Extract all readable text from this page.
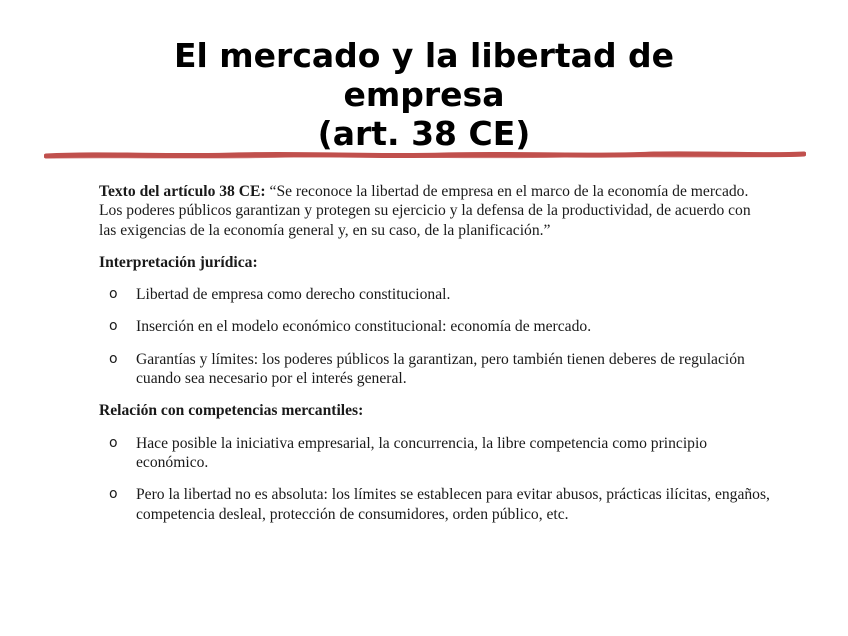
El mercado y la libertad de
empresa
(art. 38 CE)

Texto del artículo 38 CE: “Se reconoce la libertad de empresa en el marco de la economía de mercado. Los poderes públicos garantizan y protegen su ejercicio y la defensa de la productividad, de acuerdo con las exigencias de la economía general y, en su caso, de la planificación.”

Interpretación jurídica:
o Libertad de empresa como derecho constitucional.
o Inserción en el modelo económico constitucional: economía de mercado.
o Garantías y límites: los poderes públicos la garantizan, pero también tienen deberes de regulación cuando sea necesario por el interés general.
Relación con competencias mercantiles:
o Hace posible la iniciativa empresarial, la concurrencia, la libre competencia como principio económico.
o Pero la libertad no es absoluta: los límites se establecen para evitar abusos, prácticas ilícitas, engaños, competencia desleal, protección de consumidores, orden público, etc.
